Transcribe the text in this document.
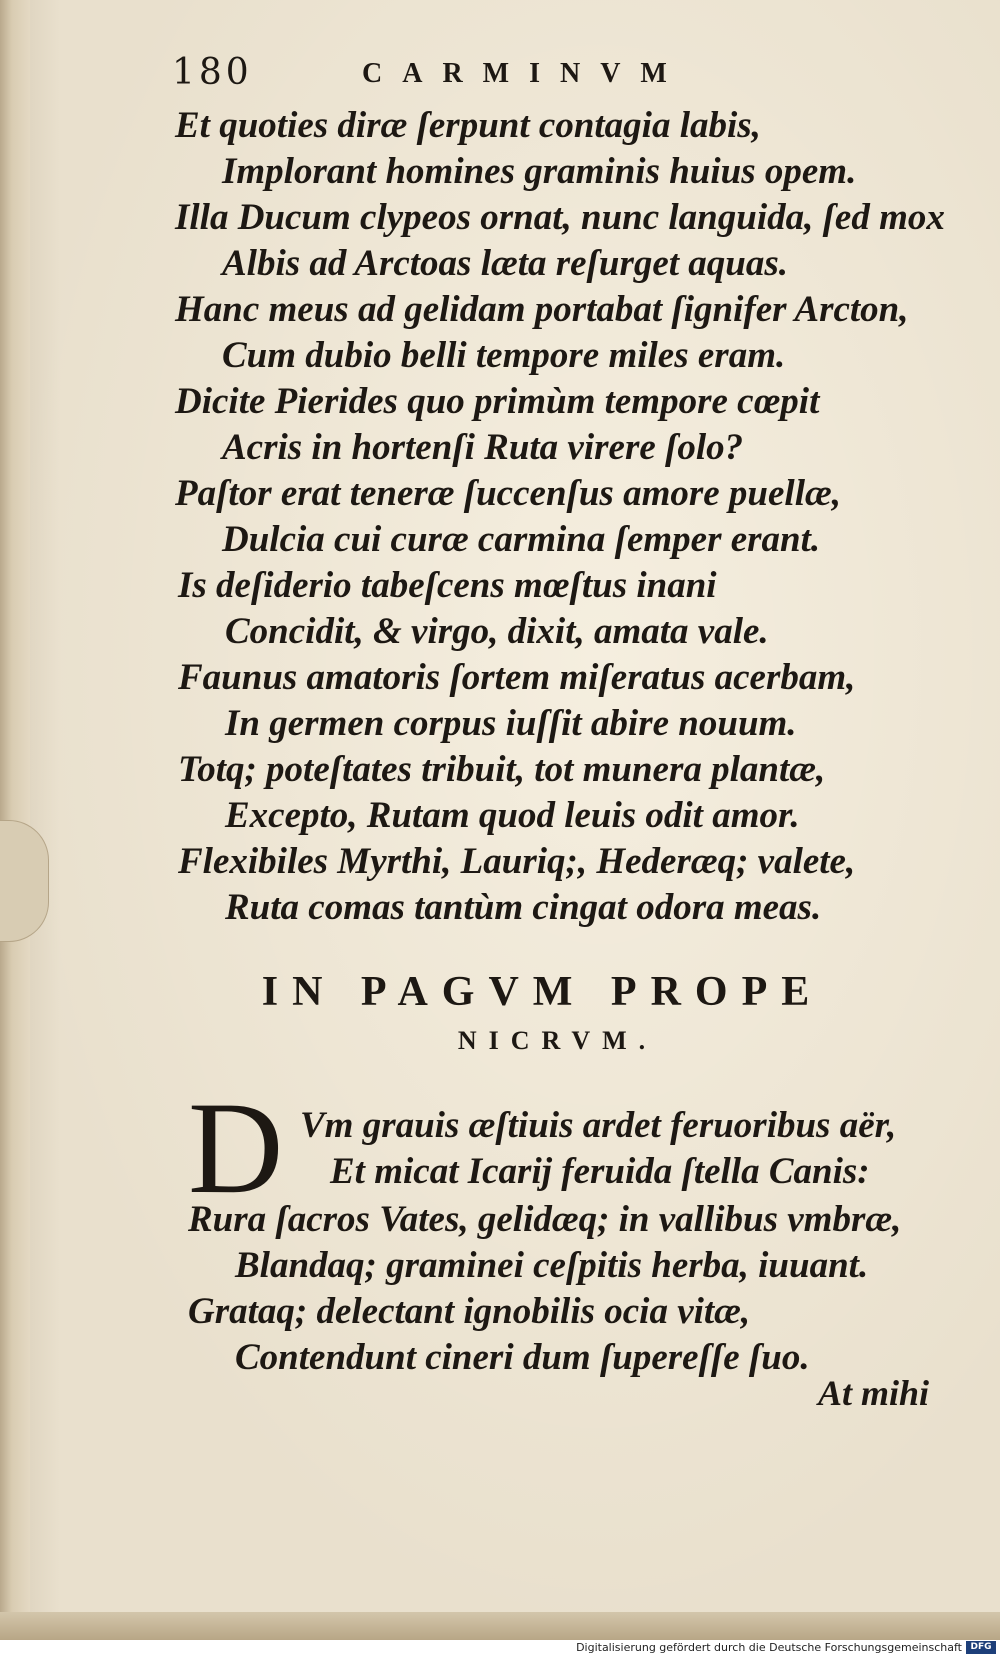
180	CARMINVM
Et quoties diræ ſerpunt contagia labis,
Implorant homines graminis huius opem.
Illa Ducum clypeos ornat, nunc languida, ſed mox
Albis ad Arctoas læta reſurget aquas.
Hanc meus ad gelidam portabat ſignifer Arcton,
Cum dubio belli tempore miles eram.
Dicite Pierides quo primùm tempore cœpit
Acris in hortenſi Ruta virere ſolo?
Paſtor erat teneræ ſuccenſus amore puellæ,
Dulcia cui curæ carmina ſemper erant.
Is deſiderio tabeſcens mœſtus inani
Concidit, & virgo, dixit, amata vale.
Faunus amatoris ſortem miſeratus acerbam,
In germen corpus iuſſit abire nouum.
Totq; poteſtates tribuit, tot munera plantæ,
Excepto, Rutam quod leuis odit amor.
Flexibiles Myrthi, Lauriq;, Hederæq; valete,
Ruta comas tantùm cingat odora meas.
IN PAGVM PROPE
NICRVM.
D Vm grauis æſtiuis ardet feruoribus aër,
Et micat Icarij feruida ſtella Canis:
Rura ſacros Vates, gelidæq; in vallibus vmbræ,
Blandaq; graminei ceſpitis herba, iuuant.
Grataq; delectant ignobilis ocia vitæ,
Contendunt cineri dum ſupereſſe ſuo.
At mihi
Digitalisierung gefördert durch die Deutsche Forschungsgemeinschaft DFG
